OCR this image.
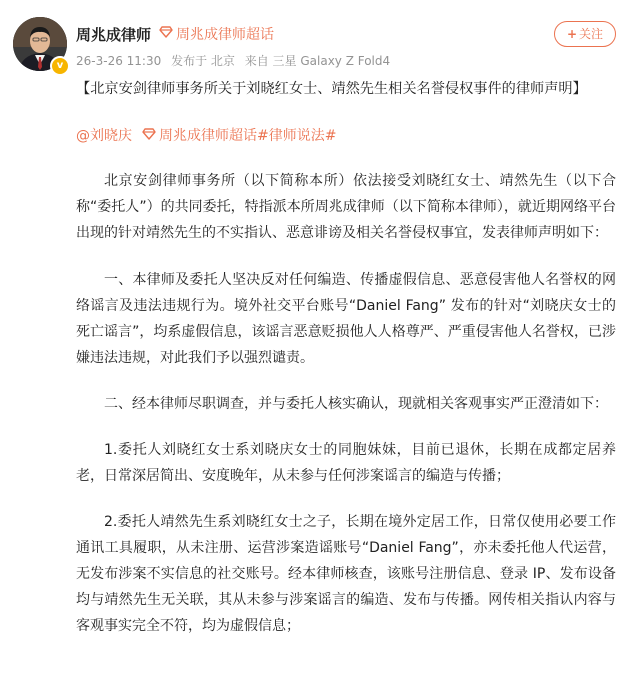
v
周兆成律师 周兆成律师超话
26-3-26 11:30 发布于 北京 来自 三星 Galaxy Z Fold4
+ 关注

【北京安剑律师事务所关于刘晓红女士、靖然先生相关名誉侵权事件的律师声明】

@刘晓庆 周兆成律师超话 #律师说法#

北京安剑律师事务所（以下简称本所）依法接受刘晓红女士、靖然先生（以下合称“委托人”）的共同委托，特指派本所周兆成律师（以下简称本律师），就近期网络平台出现的针对靖然先生的不实指认、恶意诽谤及相关名誉侵权事宜，发表律师声明如下：

一、本律师及委托人坚决反对任何编造、传播虚假信息、恶意侵害他人名誉权的网络谣言及违法违规行为。境外社交平台账号“Daniel Fang” 发布的针对“刘晓庆女士的死亡谣言”，均系虚假信息，该谣言恶意贬损他人人格尊严、严重侵害他人名誉权，已涉嫌违法违规，对此我们予以强烈谴责。

二、经本律师尽职调查，并与委托人核实确认，现就相关客观事实严正澄清如下：

1.委托人刘晓红女士系刘晓庆女士的同胞妹妹，目前已退休，长期在成都定居养老，日常深居简出、安度晚年，从未参与任何涉案谣言的编造与传播；

2.委托人靖然先生系刘晓红女士之子，长期在境外定居工作，日常仅使用必要工作通讯工具履职，从未注册、运营涉案造谣账号“Daniel Fang”，亦未委托他人代运营，无发布涉案不实信息的社交账号。经本律师核查，该账号注册信息、登录 IP、发布设备均与靖然先生无关联，其从未参与涉案谣言的编造、发布与传播。网传相关指认内容与客观事实完全不符，均为虚假信息；
